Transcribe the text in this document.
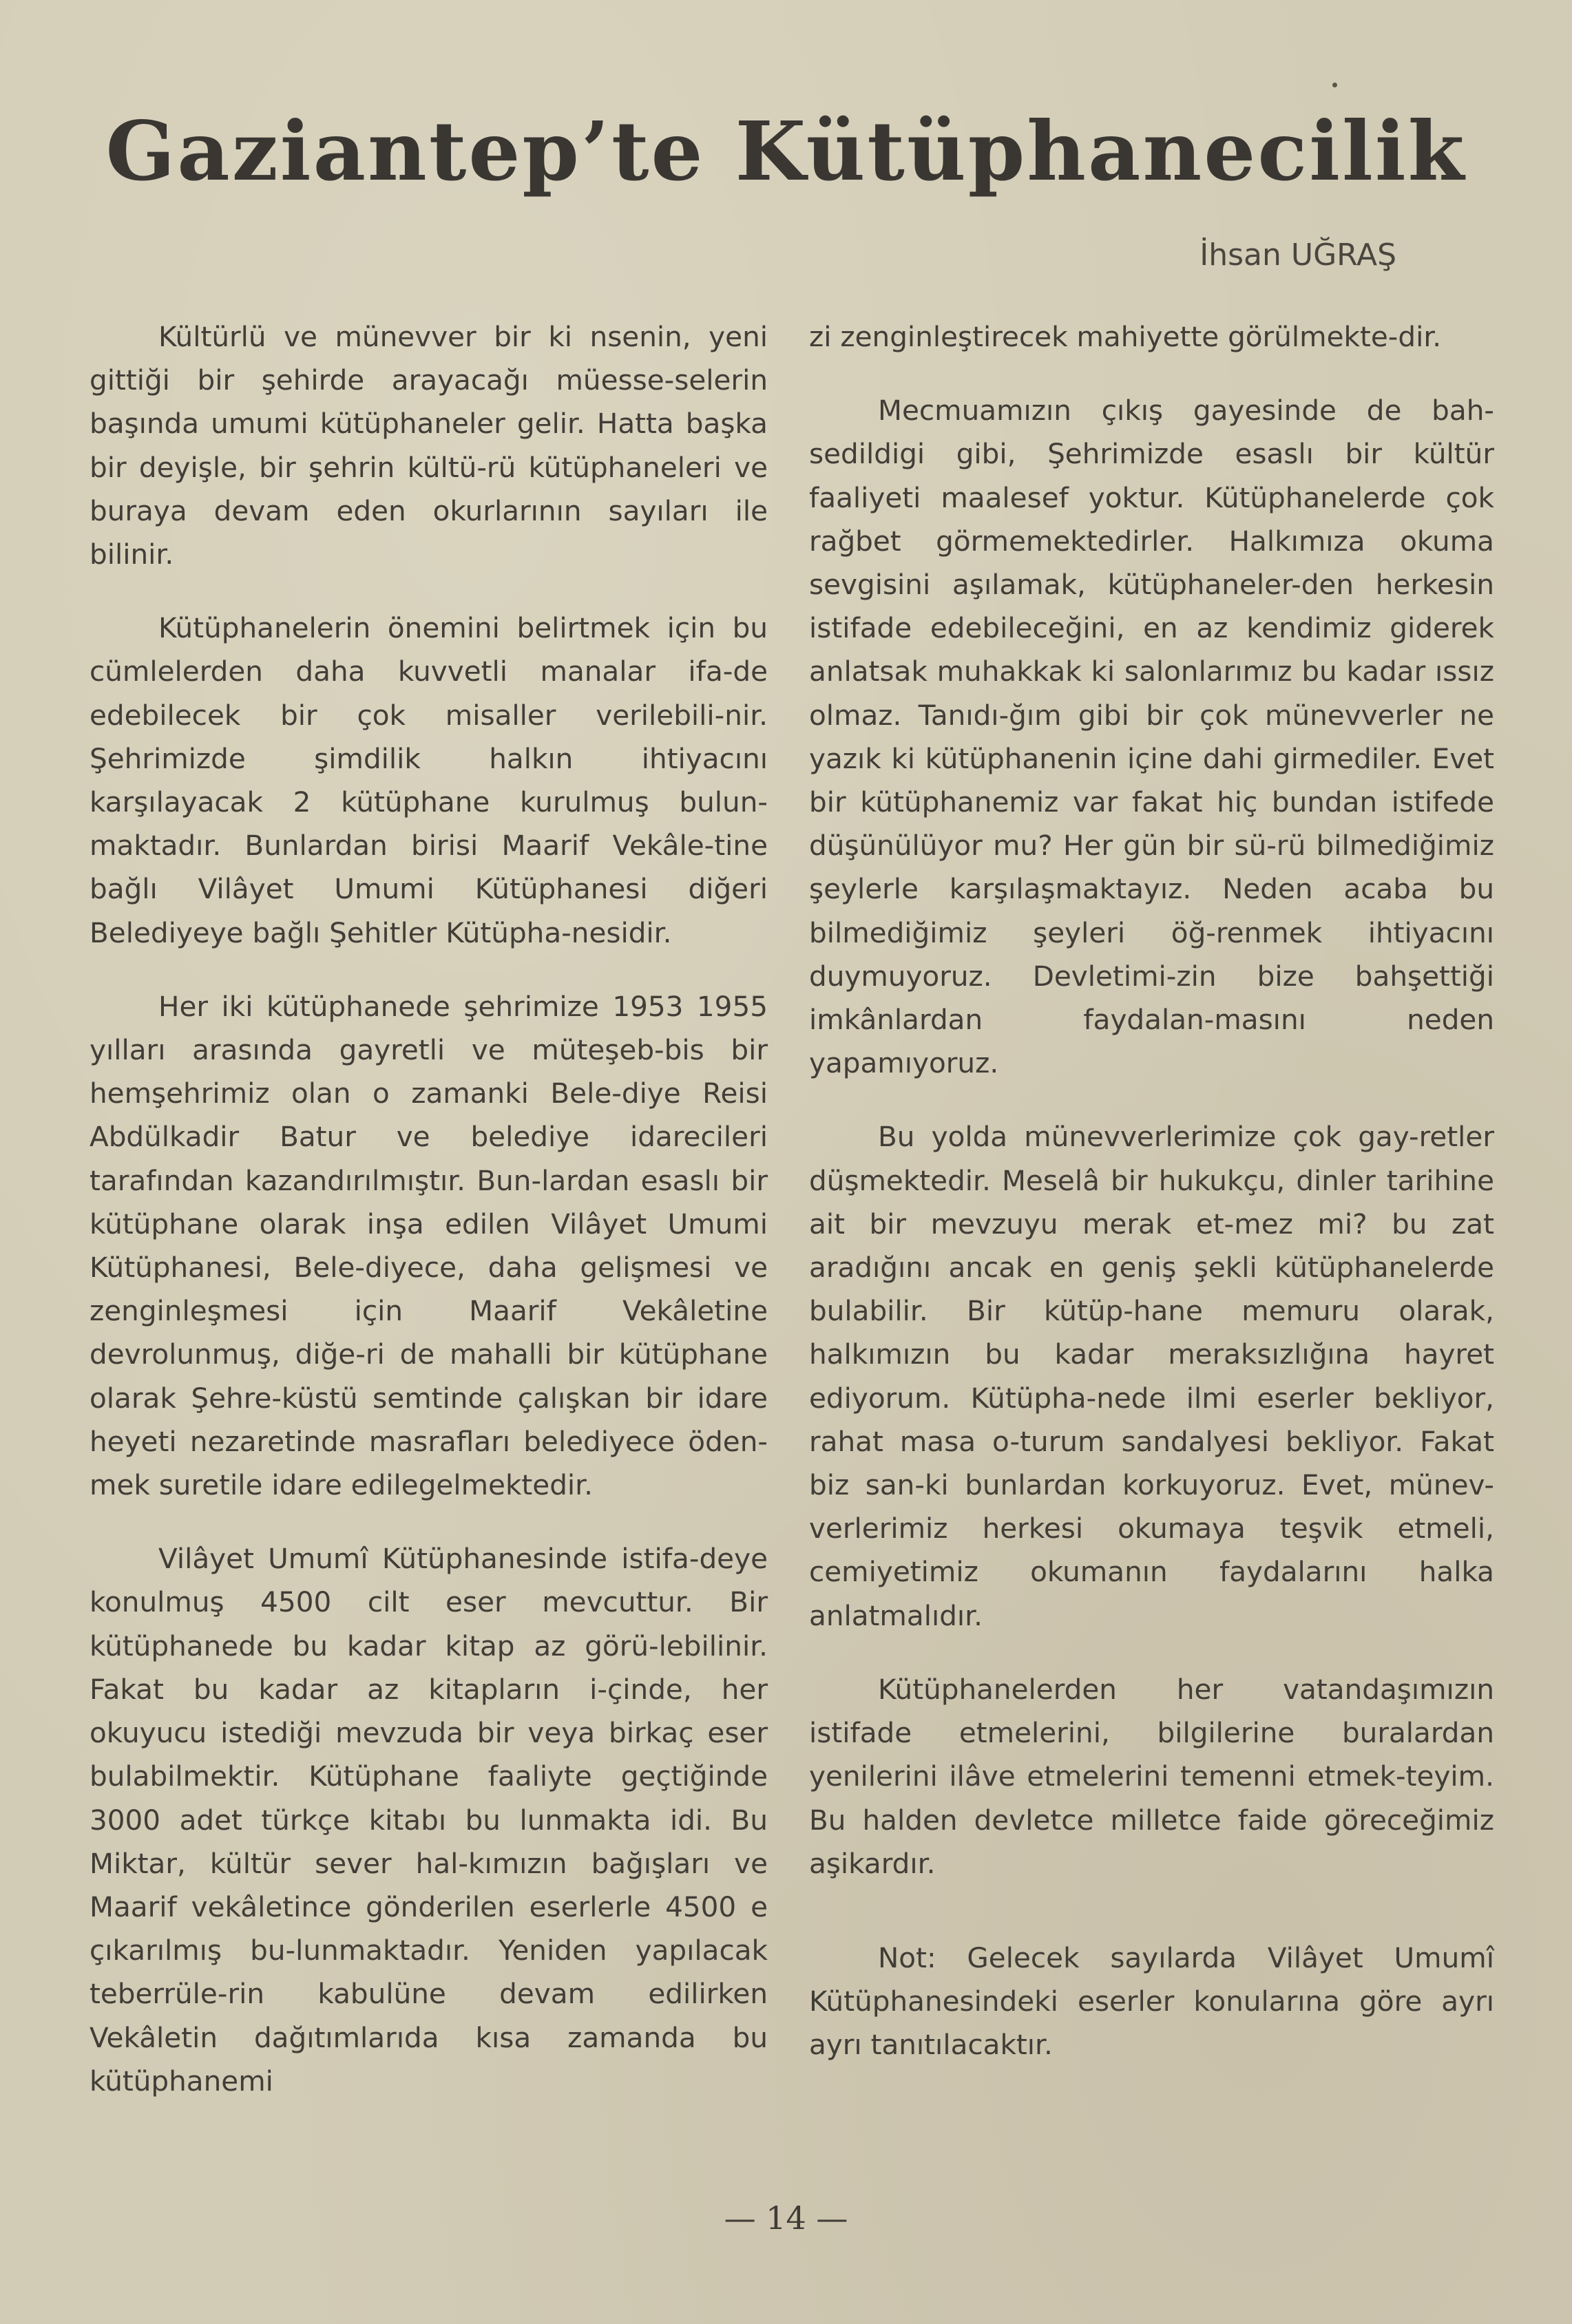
Gaziantep’te Kütüphanecilik
İhsan UĞRAŞ

Kültürlü ve münevver bir ki nsenin, yeni gittiği bir şehirde arayacağı müesse-selerin başında umumi kütüphaneler gelir. Hatta başka bir deyişle, bir şehrin kültü-rü kütüphaneleri ve buraya devam eden okurlarının sayıları ile bilinir.

Kütüphanelerin önemini belirtmek için bu cümlelerden daha kuvvetli manalar ifa-de edebilecek bir çok misaller verilebili-nir. Şehrimizde şimdilik halkın ihtiyacını karşılayacak 2 kütüphane kurulmuş bulun-maktadır. Bunlardan birisi Maarif Vekâle-tine bağlı Vilâyet Umumi Kütüphanesi diğeri Belediyeye bağlı Şehitler Kütüpha-nesidir.

Her iki kütüphanede şehrimize 1953 1955 yılları arasında gayretli ve müteşeb-bis bir hemşehrimiz olan o zamanki Bele-diye Reisi Abdülkadir Batur ve belediye idarecileri tarafından kazandırılmıştır. Bun-lardan esaslı bir kütüphane olarak inşa edilen Vilâyet Umumi Kütüphanesi, Bele-diyece, daha gelişmesi ve zenginleşmesi için Maarif Vekâletine devrolunmuş, diğe-ri de mahalli bir kütüphane olarak Şehre-küstü semtinde çalışkan bir idare heyeti nezaretinde masrafları belediyece öden-mek suretile idare edilegelmektedir.

Vilâyet Umumî Kütüphanesinde istifa-deye konulmuş 4500 cilt eser mevcuttur. Bir kütüphanede bu kadar kitap az görü-lebilinir. Fakat bu kadar az kitapların i-çinde, her okuyucu istediği mevzuda bir veya birkaç eser bulabilmektir. Kütüphane faaliyte geçtiğinde 3000 adet türkçe kitabı bu lunmakta idi. Bu Miktar, kültür sever hal-kımızın bağışları ve Maarif vekâletince gönderilen eserlerle 4500 e çıkarılmış bu-lunmaktadır. Yeniden yapılacak teberrüle-rin kabulüne devam edilirken Vekâletin dağıtımlarıda kısa zamanda bu kütüphanemi

zi zenginleştirecek mahiyette görülmekte-dir.

Mecmuamızın çıkış gayesinde de bah-sedildigi gibi, Şehrimizde esaslı bir kültür faaliyeti maalesef yoktur. Kütüphanelerde çok rağbet görmemektedirler. Halkımıza okuma sevgisini aşılamak, kütüphaneler-den herkesin istifade edebileceğini, en az kendimiz giderek anlatsak muhakkak ki salonlarımız bu kadar ıssız olmaz. Tanıdı-ğım gibi bir çok münevverler ne yazık ki kütüphanenin içine dahi girmediler. Evet bir kütüphanemiz var fakat hiç bundan istifede düşünülüyor mu? Her gün bir sü-rü bilmediğimiz şeylerle karşılaşmaktayız. Neden acaba bu bilmediğimiz şeyleri öğ-renmek ihtiyacını duymuyoruz. Devletimi-zin bize bahşettiği imkânlardan faydalan-masını neden yapamıyoruz.

Bu yolda münevverlerimize çok gay-retler düşmektedir. Meselâ bir hukukçu, dinler tarihine ait bir mevzuyu merak et-mez mi? bu zat aradığını ancak en geniş şekli kütüphanelerde bulabilir. Bir kütüp-hane memuru olarak, halkımızın bu kadar meraksızlığına hayret ediyorum. Kütüpha-nede ilmi eserler bekliyor, rahat masa o-turum sandalyesi bekliyor. Fakat biz san-ki bunlardan korkuyoruz. Evet, münev-verlerimiz herkesi okumaya teşvik etmeli, cemiyetimiz okumanın faydalarını halka anlatmalıdır.

Kütüphanelerden her vatandaşımızın istifade etmelerini, bilgilerine buralardan yenilerini ilâve etmelerini temenni etmek-teyim. Bu halden devletce milletce faide göreceğimiz aşikardır.

Not: Gelecek sayılarda Vilâyet Umumî Kütüphanesindeki eserler konularına göre ayrı ayrı tanıtılacaktır.

— 14 —
